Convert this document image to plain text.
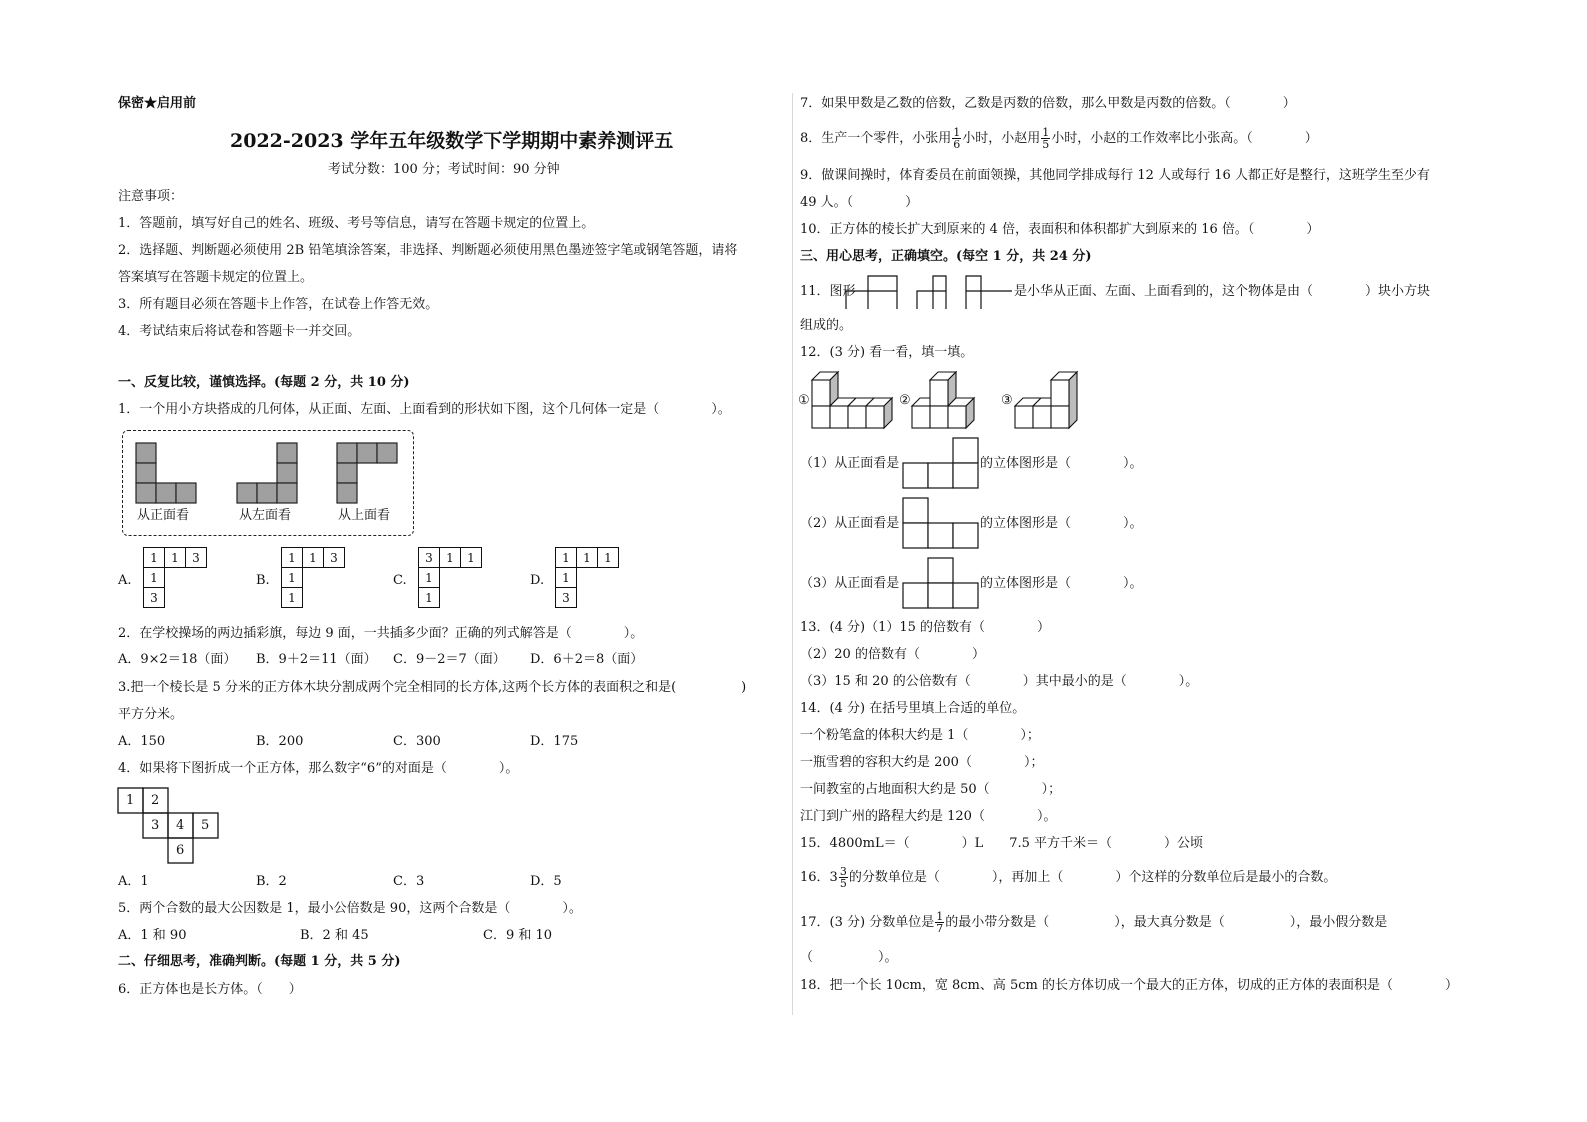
保密★启用前
2022-2023 学年五年级数学下学期期中素养测评五
考试分数：100 分；考试时间：90 分钟
注意事项：
1．答题前，填写好自己的姓名、班级、考号等信息，请写在答题卡规定的位置上。
2．选择题、判断题必须使用 2B 铅笔填涂答案，非选择、判断题必须使用黑色墨迹签字笔或钢笔答题，请将
答案填写在答题卡规定的位置上。
3．所有题目必须在答题卡上作答，在试卷上作答无效。
4．考试结束后将试卷和答题卡一并交回。
一、反复比较，谨慎选择。(每题 2 分，共 10 分)
1．一个用小方块搭成的几何体，从正面、左面、上面看到的形状如下图，这个几何体一定是（　　　　）。
从正面看	从左面看	从上面看
A.
1	1	3
1		
3		
B.
1	1	3
1		
1		
C.
3	1	1
1		
1		
D.
1	1	1
1		
3		
2．在学校操场的两边插彩旗，每边 9 面，一共插多少面？正确的列式解答是（　　　　）。
A．9×2＝18（面） B．9＋2＝11（面） C．9－2＝7（面） D．6＋2＝8（面）
3.把一个棱长是 5 分米的正方体木块分割成两个完全相同的长方体,这两个长方体的表面积之和是(　　　　　)
平方分米。
A．150	B．200	C．300	D．175
4．如果将下图折成一个正方体，那么数字“6”的对面是（　　　　）。
1 2
3 4 5
6
A．1	B．2	C．3	D．5
5．两个合数的最大公因数是 1，最小公倍数是 90，这两个合数是（　　　　）。
A．1 和 90	B．2 和 45	C．9 和 10
二、仔细思考，准确判断。(每题 1 分，共 5 分)
6．正方体也是长方体。（　　）
7．如果甲数是乙数的倍数，乙数是丙数的倍数，那么甲数是丙数的倍数。（　　　　）
8．生产一个零件，小张用 $\frac{1}{6}$ 小时，小赵用 $\frac{1}{5}$ 小时，小赵的工作效率比小张高。（　　　　）
9．做课间操时，体育委员在前面领操，其他同学排成每行 12 人或每行 16 人都正好是整行，这班学生至少有
49 人。（　　　　）
10．正方体的棱长扩大到原来的 4 倍，表面积和体积都扩大到原来的 16 倍。（　　　　）
三、用心思考，正确填空。(每空 1 分，共 24 分)
11．图形	是小华从正面、左面、上面看到的，这个物体是由（　　　　）块小方块
组成的。
12．(3 分) 看一看，填一填。
①	②	③
（1）从正面看是	的立体图形是（　　　　）。
（2）从正面看是	的立体图形是（　　　　）。
（3）从正面看是	的立体图形是（　　　　）。
13．(4 分)（1）15 的倍数有（　　　　）
（2）20 的倍数有（　　　　）
（3）15 和 20 的公倍数有（　　　　）其中最小的是（　　　　）。
14．(4 分) 在括号里填上合适的单位。
一个粉笔盒的体积大约是 1（　　　　）；
一瓶雪碧的容积大约是 200（　　　　）；
一间教室的占地面积大约是 50（　　　　）；
江门到广州的路程大约是 120（　　　　）。
15．4800mL＝（　　　　）L　　7.5 平方千米＝（　　　　）公顷
16．$3 \frac{3}{5}$ 的分数单位是（　　　　），再加上（　　　　）个这样的分数单位后是最小的合数。
17．(3 分) 分数单位是 $\frac{1}{7}$ 的最小带分数是（　　　　　），最大真分数是（　　　　　），最小假分数是
（　　　　　）。
18．把一个长 10cm，宽 8cm、高 5cm 的长方体切成一个最大的正方体，切成的正方体的表面积是（　　　　）
